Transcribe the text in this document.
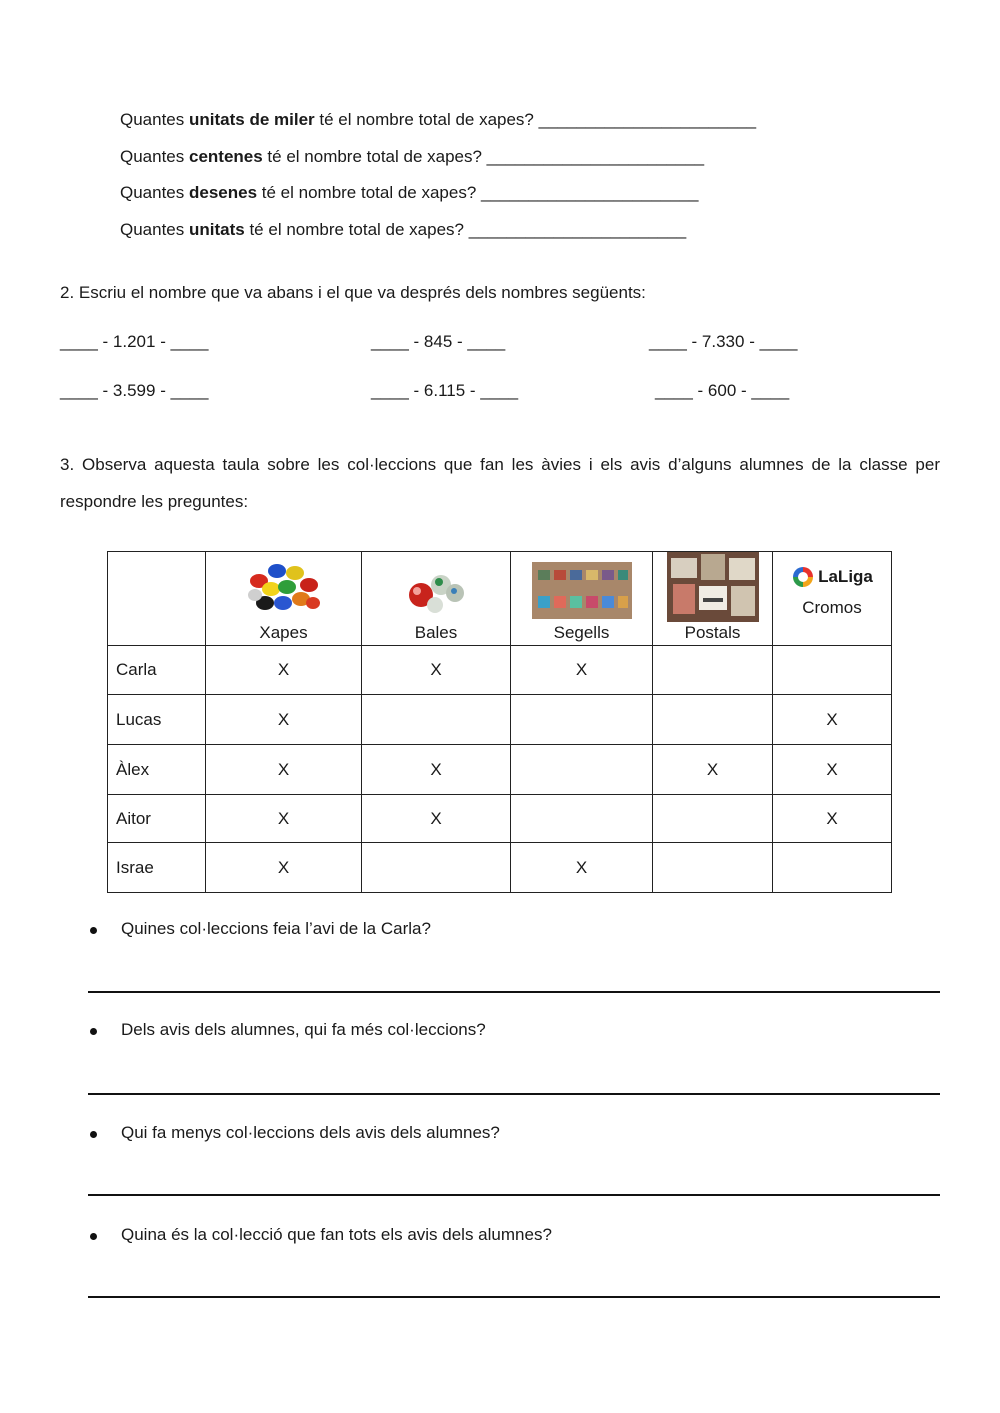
Quantes unitats de miler té el nombre total de xapes? _______________________
Quantes centenes té el nombre total de xapes? _______________________
Quantes desenes té el nombre total de xapes? _______________________
Quantes unitats té el nombre total de xapes? _______________________
2. Escriu el nombre que va abans i el que va després dels nombres següents:
____ - 1.201 - ____	____ - 845 - ____	____ - 7.330 - ____
____ - 3.599 - ____	____ - 6.115 - ____	____ - 600 - ____
3. Observa aquesta taula sobre les col·leccions que fan les àvies i els avis d’alguns alumnes de la classe per respondre les preguntes:

	Xapes	Bales	Segells	Postals	LaLiga
Cromos

Carla	X	X	X		
Lucas	X				X
Àlex	X	X		X	X
Aitor	X	X			X
Israe	X		X		
Quines col·leccions feia l’avi de la Carla?
Dels avis dels alumnes, qui fa més col·leccions?
Qui fa menys col·leccions dels avis dels alumnes?
Quina és la col·lecció que fan tots els avis dels alumnes?
